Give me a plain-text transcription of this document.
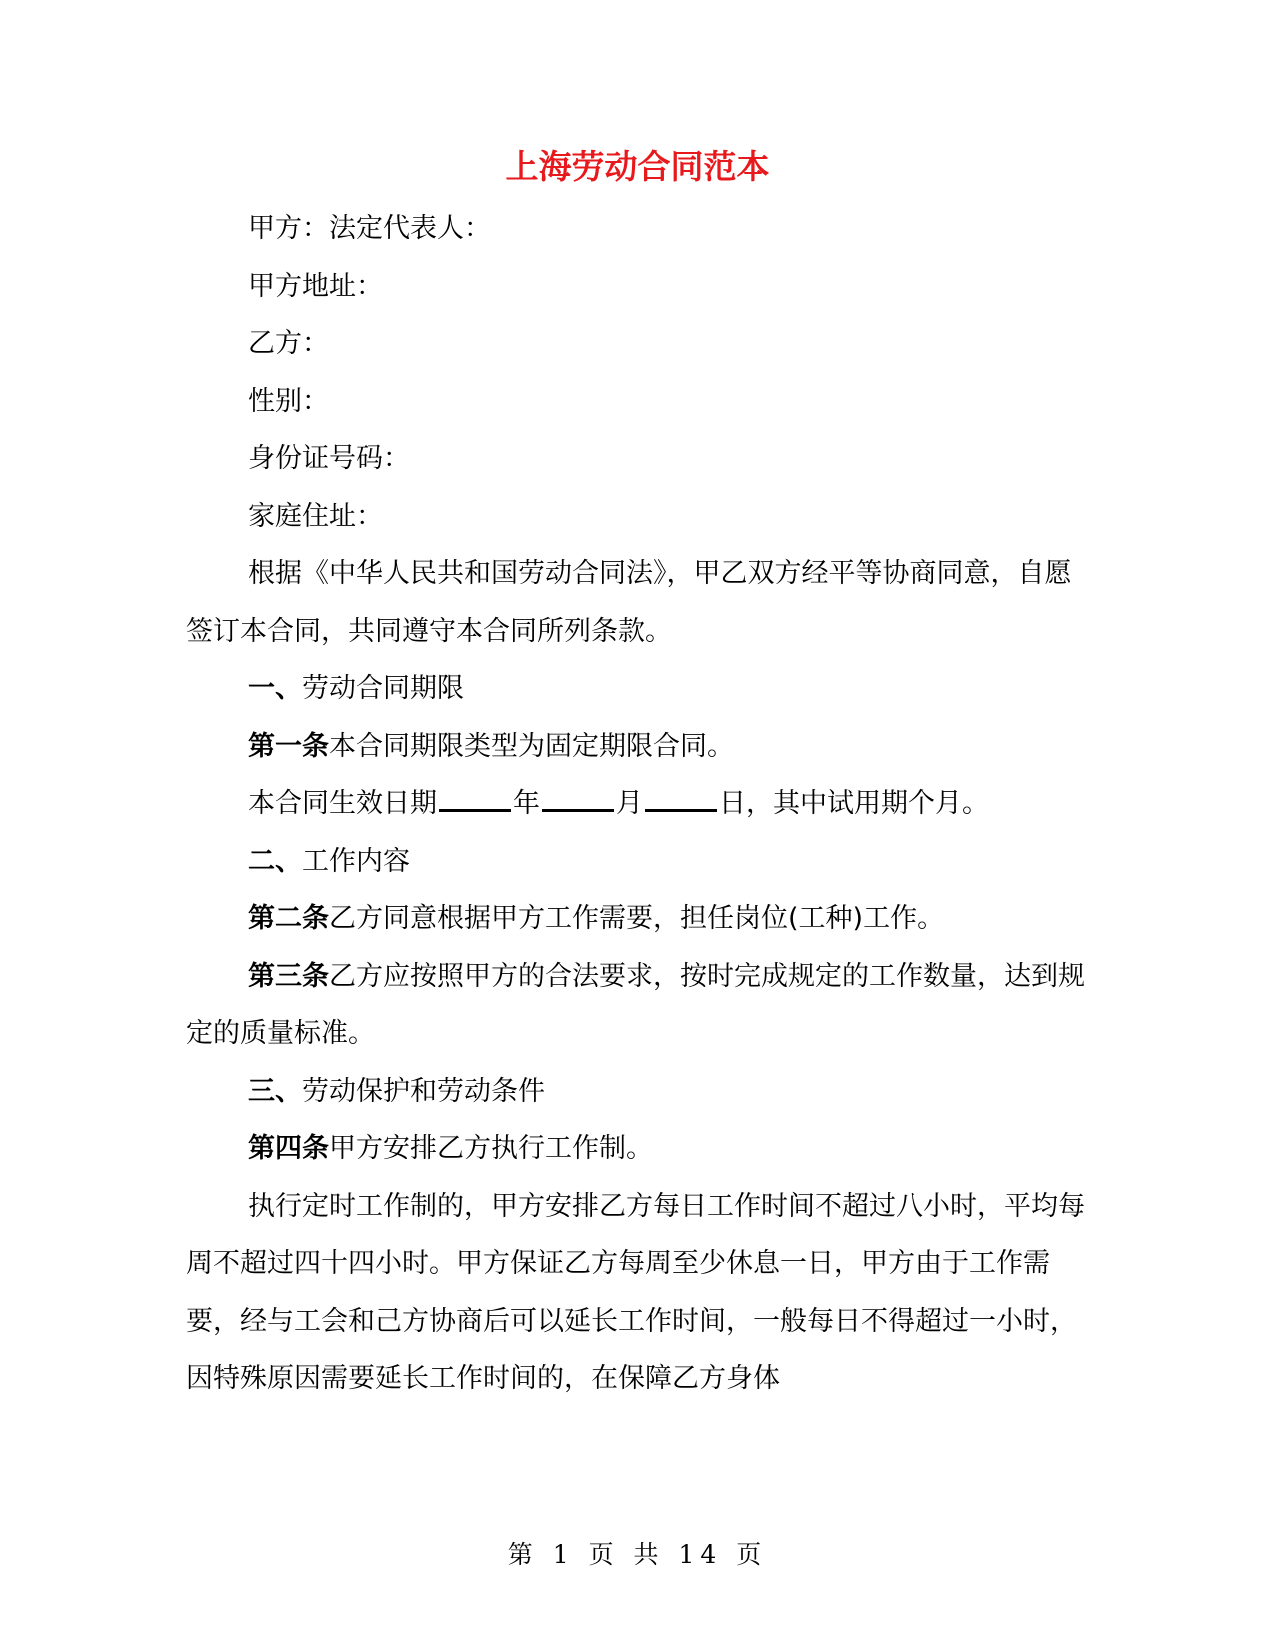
上海劳动合同范本

甲方：法定代表人：

甲方地址：

乙方：

性别：

身份证号码：

家庭住址：

根据《中华人民共和国劳动合同法》，甲乙双方经平等协商同意，自愿签订本合同，共同遵守本合同所列条款。

一、劳动合同期限

第一条本合同期限类型为固定期限合同。

本合同生效日期	年	月	日，其中试用期个月。

二、工作内容

第二条乙方同意根据甲方工作需要，担任岗位(工种)工作。

第三条乙方应按照甲方的合法要求，按时完成规定的工作数量，达到规定的质量标准。

三、劳动保护和劳动条件

第四条甲方安排乙方执行工作制。

执行定时工作制的，甲方安排乙方每日工作时间不超过八小时，平均每周不超过四十四小时。甲方保证乙方每周至少休息一日，甲方由于工作需要，经与工会和己方协商后可以延长工作时间，一般每日不得超过一小时，因特殊原因需要延长工作时间的，在保障乙方身体

第 1 页 共 14 页
